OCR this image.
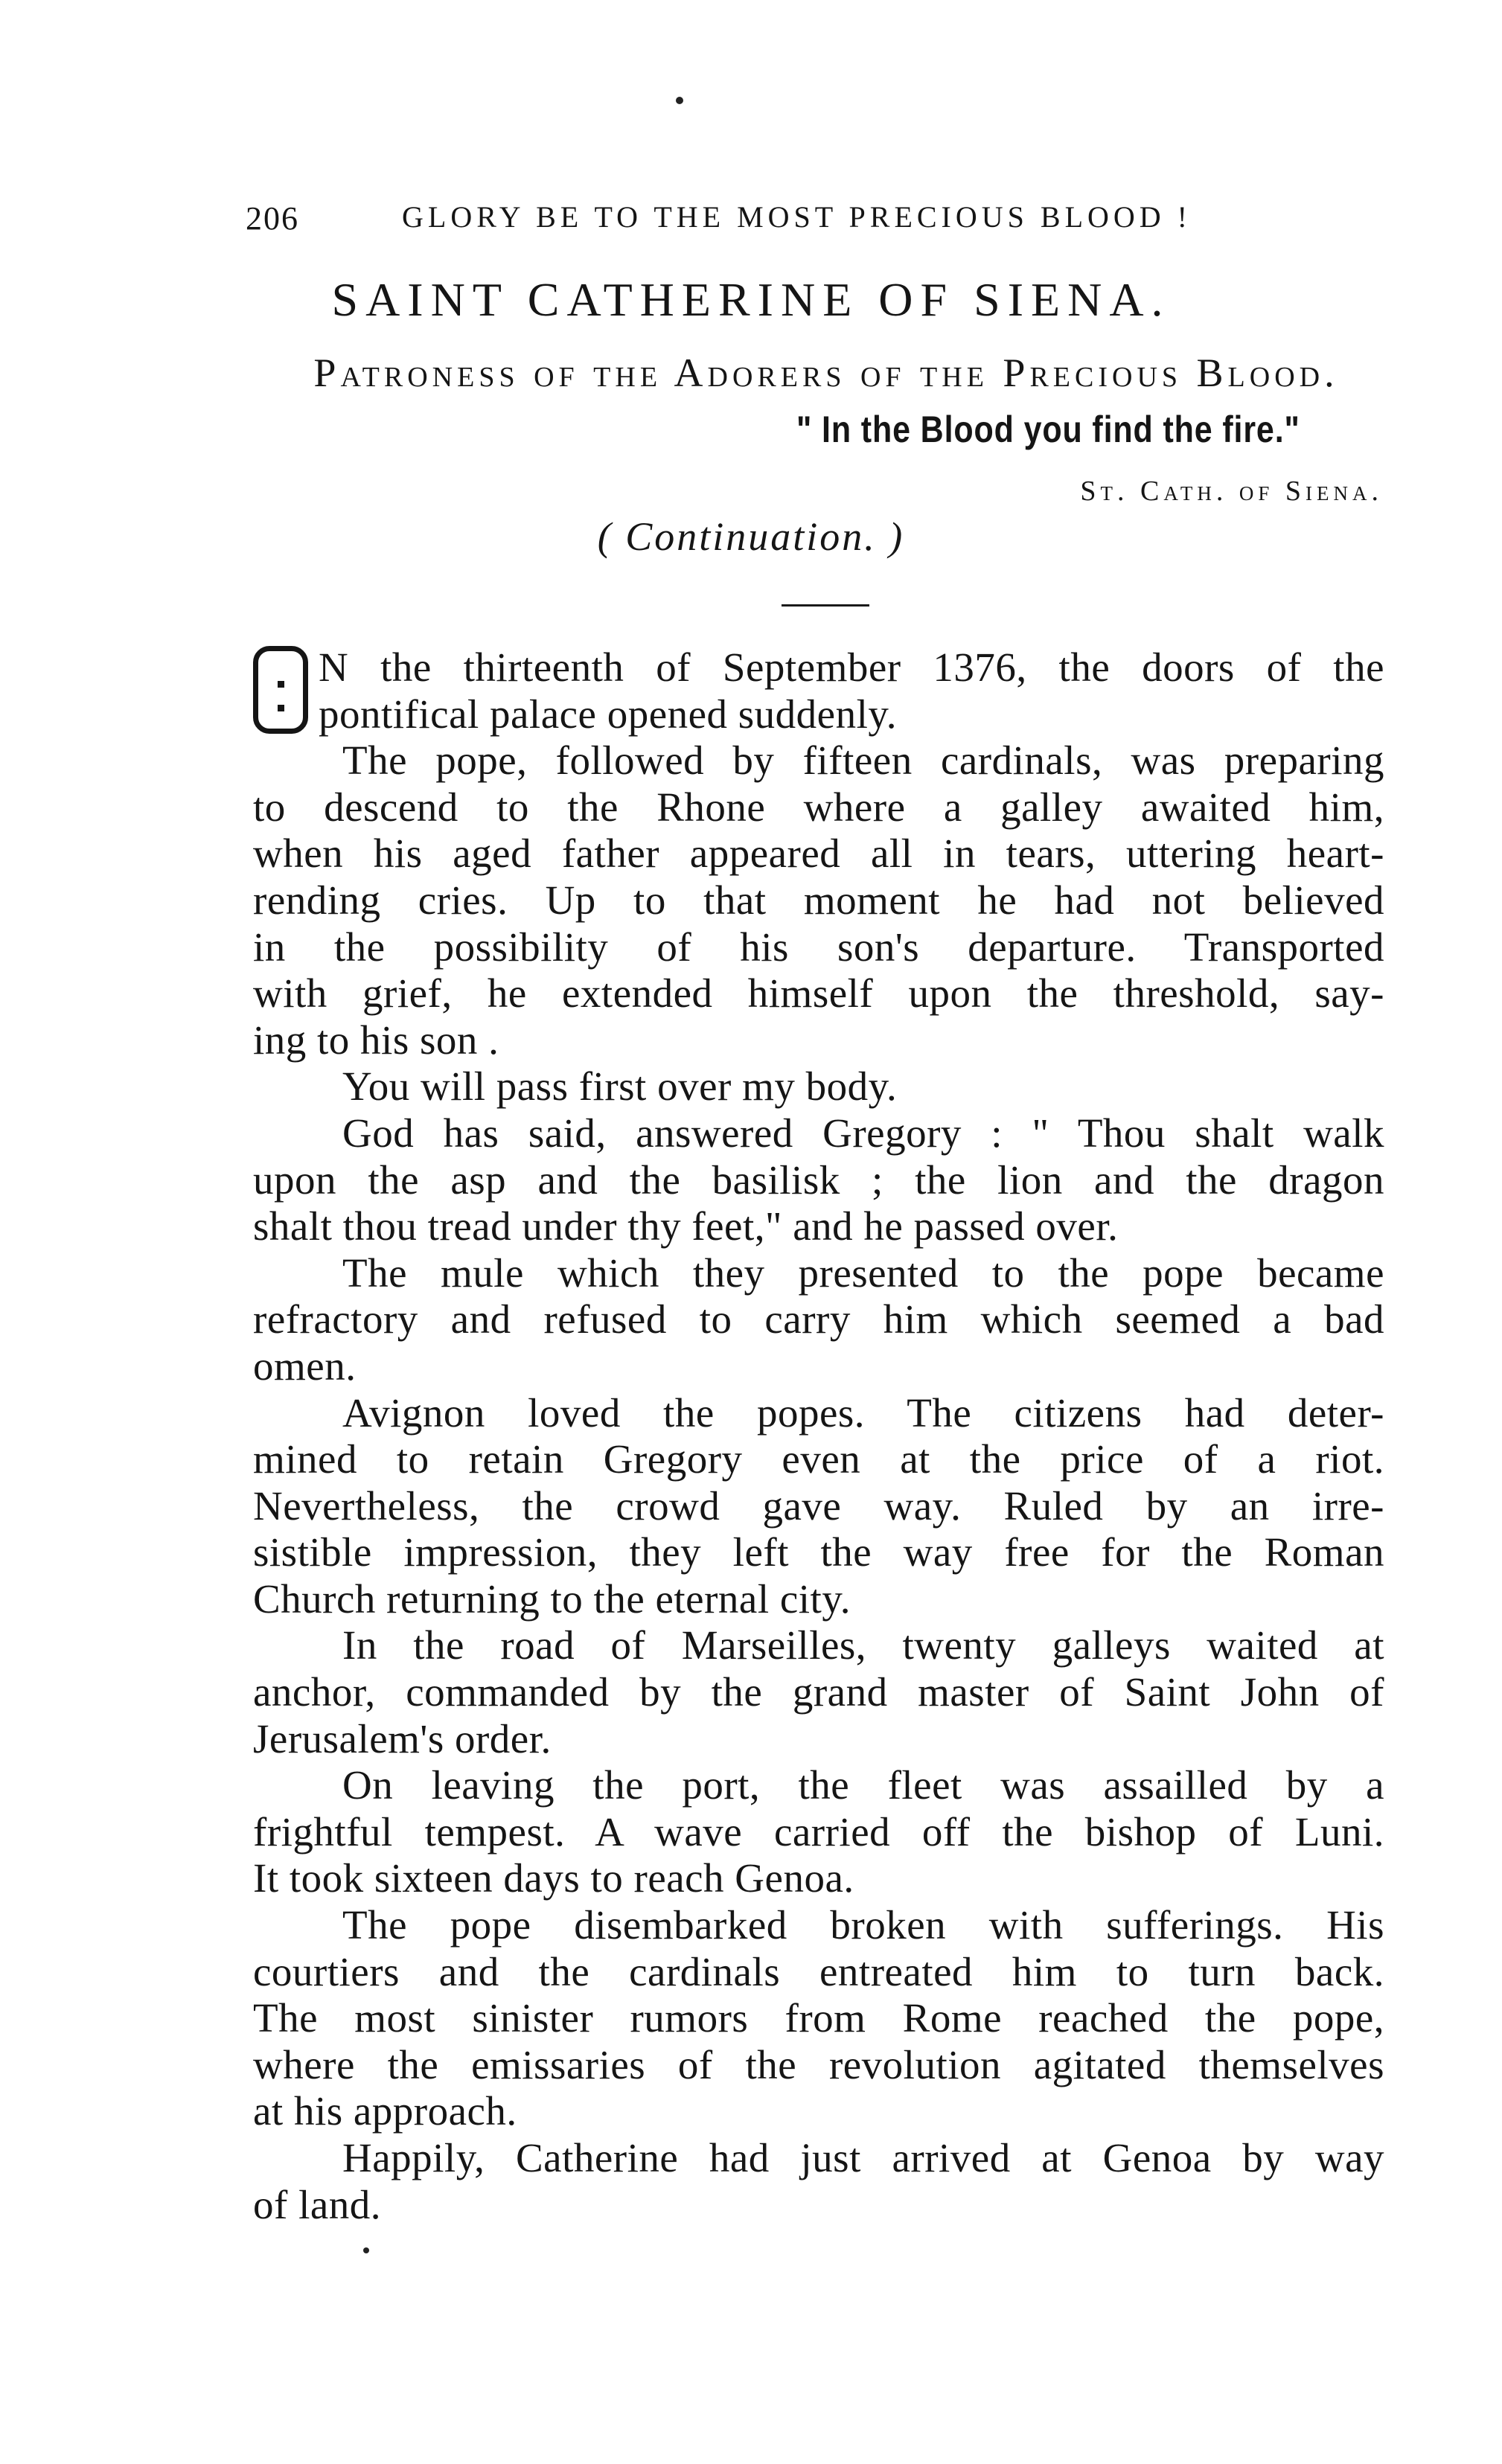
206	GLORY BE TO THE MOST PRECIOUS BLOOD !
SAINT CATHERINE OF SIENA.
Patroness of the Adorers of the Precious Blood.
" In the Blood you find the fire."
St. Cath. of Siena.
( Continuation. )
N the thirteenth of September 1376, the doors of the
pontifical palace opened suddenly.
The pope, followed by fifteen cardinals, was preparing
to descend to the Rhone where a galley awaited him,
when his aged father appeared all in tears, uttering heart-
rending cries. Up to that moment he had not believed
in the possibility of his son's departure. Transported
with grief, he extended himself upon the threshold, say-
ing to his son .
You will pass first over my body.
God has said, answered Gregory : " Thou shalt walk
upon the asp and the basilisk ; the lion and the dragon
shalt thou tread under thy feet," and he passed over.
The mule which they presented to the pope became
refractory and refused to carry him which seemed a bad
omen.
Avignon loved the popes. The citizens had deter-
mined to retain Gregory even at the price of a riot.
Nevertheless, the crowd gave way. Ruled by an irre-
sistible impression, they left the way free for the Roman
Church returning to the eternal city.
In the road of Marseilles, twenty galleys waited at
anchor, commanded by the grand master of Saint John of
Jerusalem's order.
On leaving the port, the fleet was assailled by a
frightful tempest. A wave carried off the bishop of Luni.
It took sixteen days to reach Genoa.
The pope disembarked broken with sufferings. His
courtiers and the cardinals entreated him to turn back.
The most sinister rumors from Rome reached the pope,
where the emissaries of the revolution agitated themselves
at his approach.
Happily, Catherine had just arrived at Genoa by way
of land.
